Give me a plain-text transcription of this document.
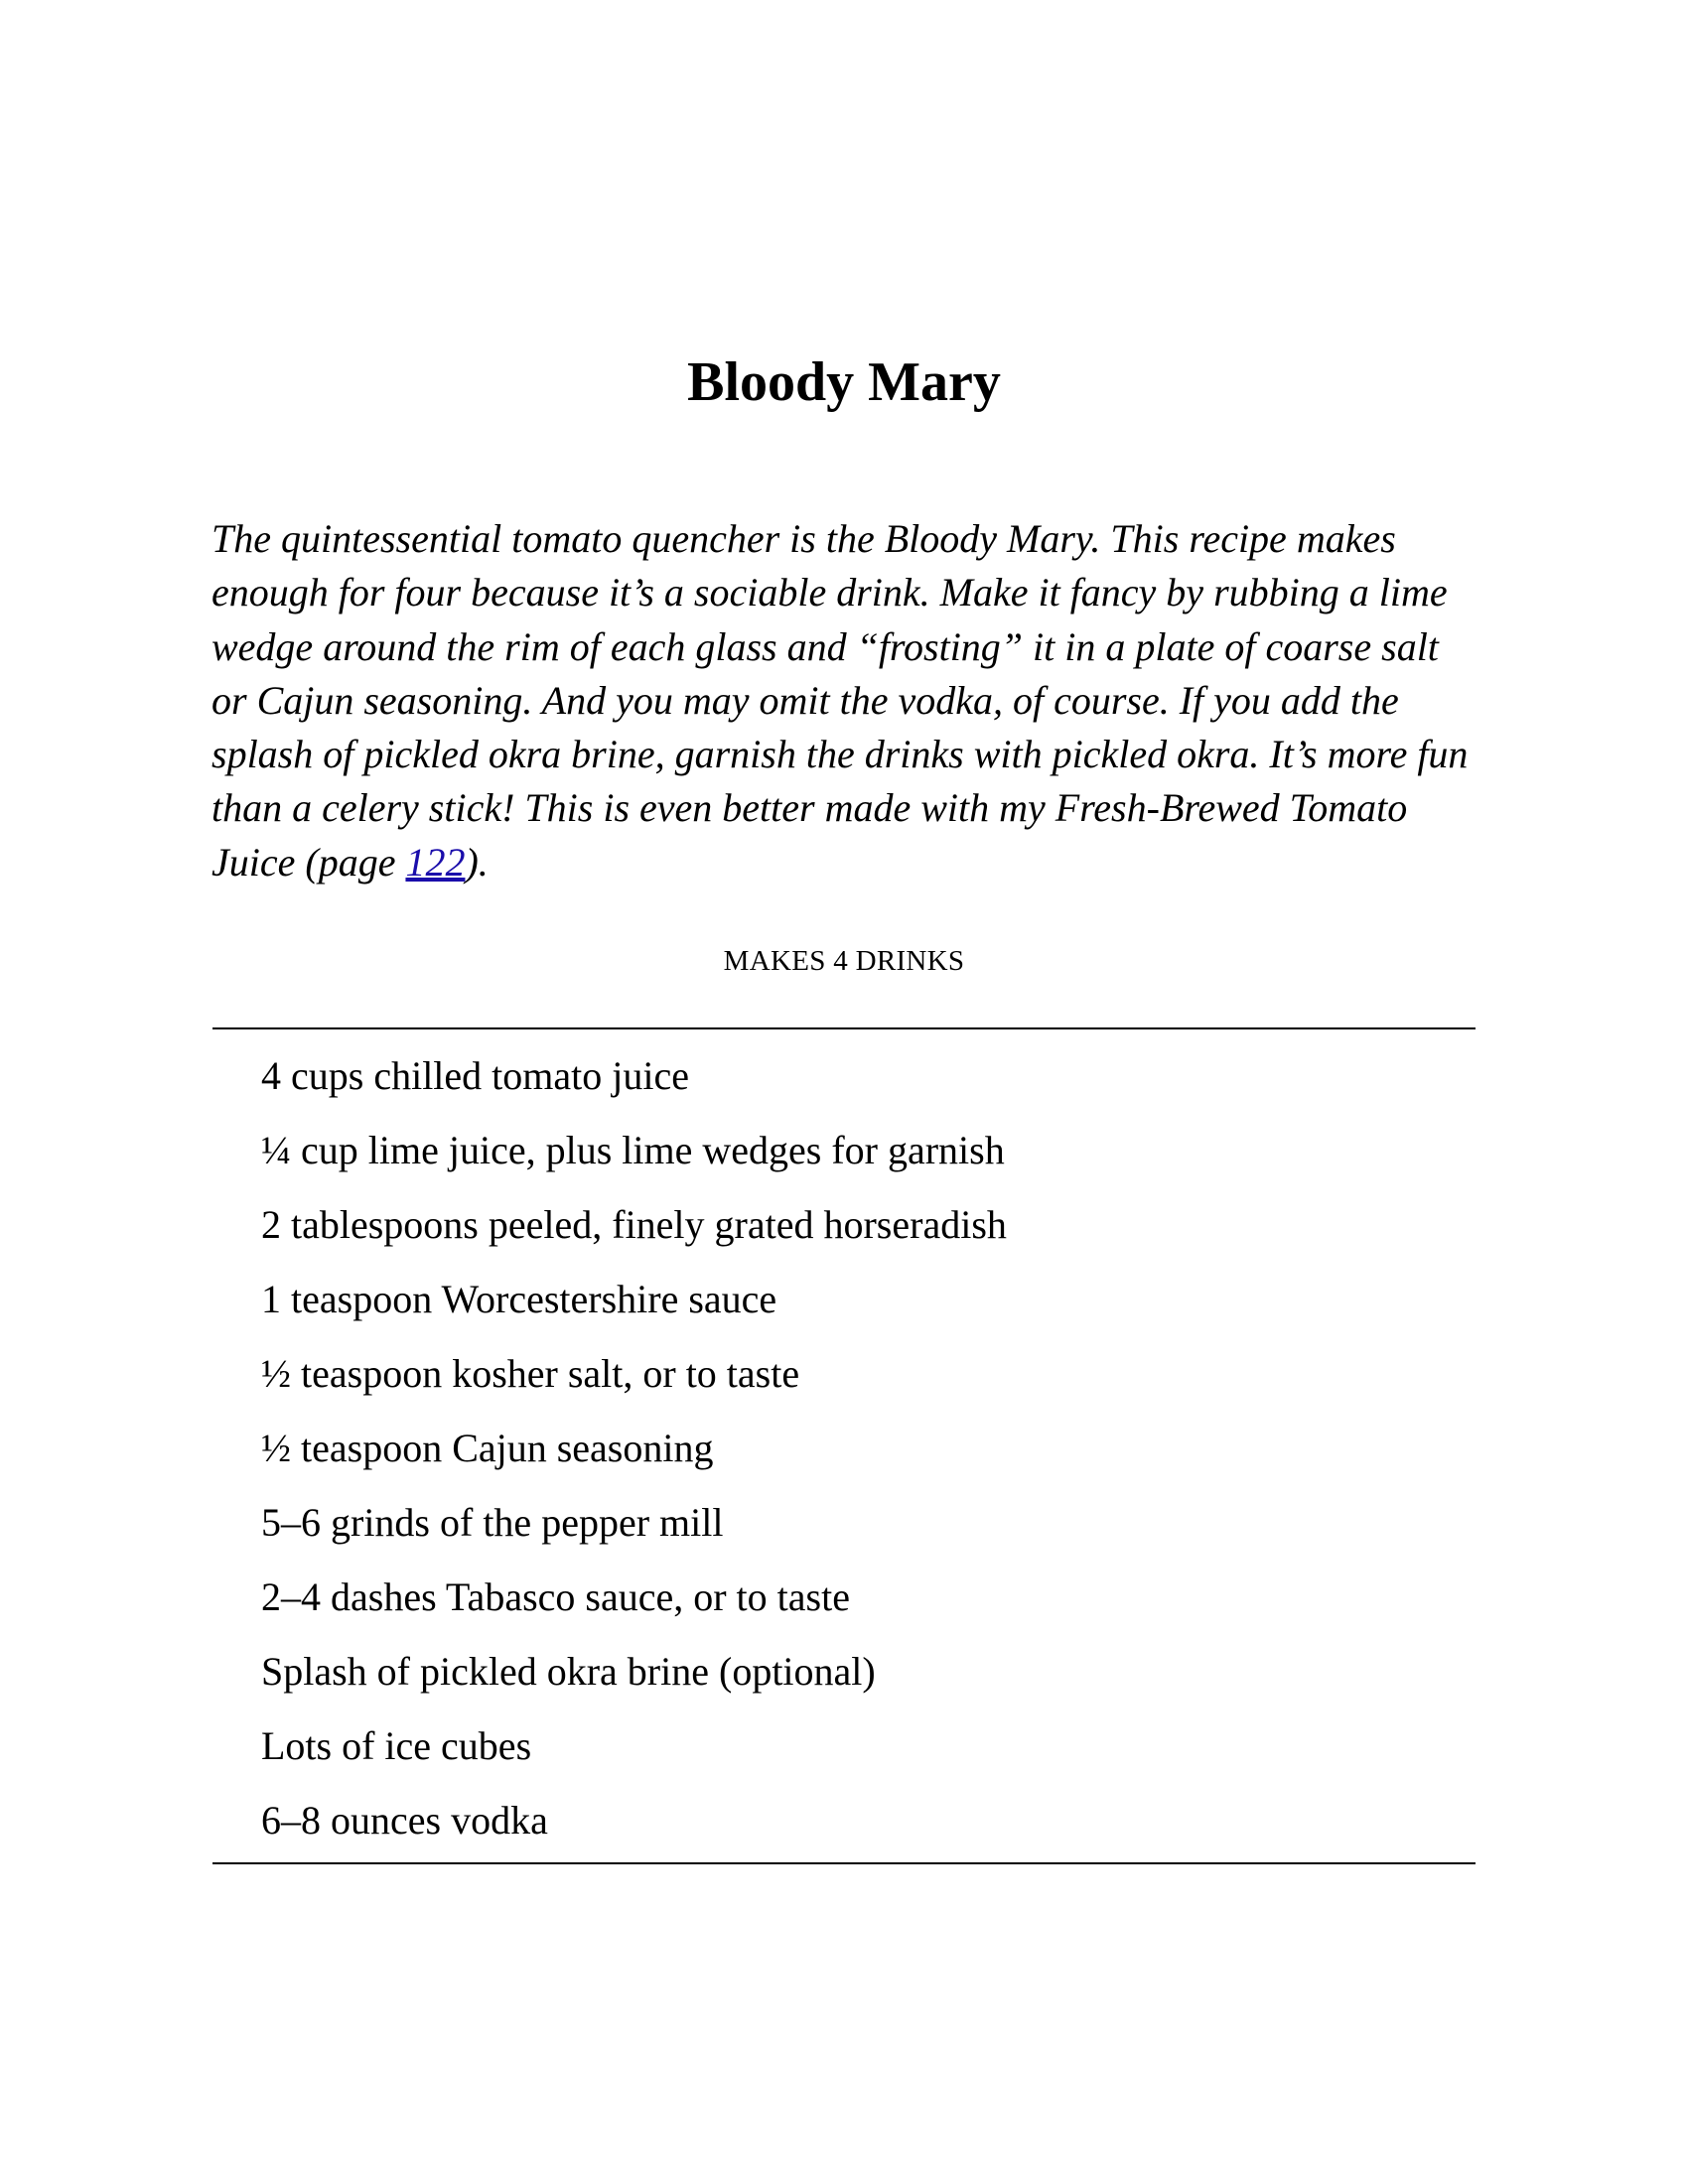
Bloody Mary

The quintessential tomato quencher is the Bloody Mary. This recipe makes enough for four because it’s a sociable drink. Make it fancy by rubbing a lime wedge around the rim of each glass and “frosting” it in a plate of coarse salt or Cajun seasoning. And you may omit the vodka, of course. If you add the splash of pickled okra brine, garnish the drinks with pickled okra. It’s more fun than a celery stick! This is even better made with my Fresh-Brewed Tomato Juice (page 122).

MAKES 4 DRINKS

4 cups chilled tomato juice
¼ cup lime juice, plus lime wedges for garnish
2 tablespoons peeled, finely grated horseradish
1 teaspoon Worcestershire sauce
½ teaspoon kosher salt, or to taste
½ teaspoon Cajun seasoning
5–6 grinds of the pepper mill
2–4 dashes Tabasco sauce, or to taste
Splash of pickled okra brine (optional)
Lots of ice cubes
6–8 ounces vodka
